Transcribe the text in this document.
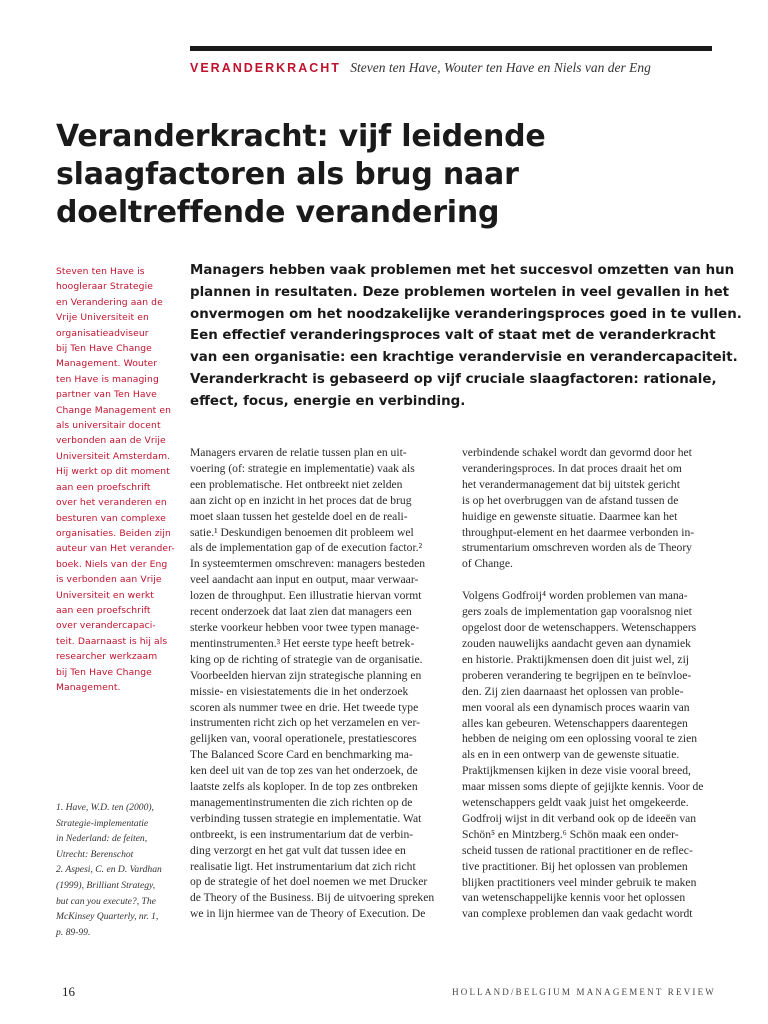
VERANDERKRACHT Steven ten Have, Wouter ten Have en Niels van der Eng
Veranderkracht: vijf leidende
slaagfactoren als brug naar
doeltreffende verandering
Steven ten Have is
hoogleraar Strategie
en Verandering aan de
Vrije Universiteit en
organisatieadviseur
bij Ten Have Change
Management. Wouter
ten Have is managing
partner van Ten Have
Change Management en
als universitair docent
verbonden aan de Vrije
Universiteit Amsterdam.
Hij werkt op dit moment
aan een proefschrift
over het veranderen en
besturen van complexe
organisaties. Beiden zijn
auteur van Het verander-
boek. Niels van der Eng
is verbonden aan Vrije
Universiteit en werkt
aan een proefschrift
over verandercapaci-
teit. Daarnaast is hij als
researcher werkzaam
bij Ten Have Change
Management.
Managers hebben vaak problemen met het succesvol omzetten van hun
plannen in resultaten. Deze problemen wortelen in veel gevallen in het
onvermogen om het noodzakelijke veranderingsproces goed in te vullen.
Een effectief veranderingsproces valt of staat met de veranderkracht
van een organisatie: een krachtige verandervisie en verandercapaciteit.
Veranderkracht is gebaseerd op vijf cruciale slaagfactoren: rationale,
effect, focus, energie en verbinding.
Managers ervaren de relatie tussen plan en uit-
voering (of: strategie en implementatie) vaak als
een problematische. Het ontbreekt niet zelden
aan zicht op en inzicht in het proces dat de brug
moet slaan tussen het gestelde doel en de reali-
satie.¹ Deskundigen benoemen dit probleem wel
als de implementation gap of de execution factor.²
In systeemtermen omschreven: managers besteden
veel aandacht aan input en output, maar verwaar-
lozen de throughput. Een illustratie hiervan vormt
recent onderzoek dat laat zien dat managers een
sterke voorkeur hebben voor twee typen manage-
mentinstrumenten.³ Het eerste type heeft betrek-
king op de richting of strategie van de organisatie.
Voorbeelden hiervan zijn strategische planning en
missie- en visiestatements die in het onderzoek
scoren als nummer twee en drie. Het tweede type
instrumenten richt zich op het verzamelen en ver-
gelijken van, vooral operationele, prestatiescores
The Balanced Score Card en benchmarking ma-
ken deel uit van de top zes van het onderzoek, de
laatste zelfs als koploper. In de top zes ontbreken
managementinstrumenten die zich richten op de
verbinding tussen strategie en implementatie. Wat
ontbreekt, is een instrumentarium dat de verbin-
ding verzorgt en het gat vult dat tussen idee en
realisatie ligt. Het instrumentarium dat zich richt
op de strategie of het doel noemen we met Drucker
de Theory of the Business. Bij de uitvoering spreken
we in lijn hiermee van de Theory of Execution. De
verbindende schakel wordt dan gevormd door het
veranderingsproces. In dat proces draait het om
het verandermanagement dat bij uitstek gericht
is op het overbruggen van de afstand tussen de
huidige en gewenste situatie. Daarmee kan het
throughput-element en het daarmee verbonden in-
strumentarium omschreven worden als de Theory
of Change.
Volgens Godfroij⁴ worden problemen van mana-
gers zoals de implementation gap vooralsnog niet
opgelost door de wetenschappers. Wetenschappers
zouden nauwelijks aandacht geven aan dynamiek
en historie. Praktijkmensen doen dit juist wel, zij
proberen verandering te begrijpen en te beïnvloe-
den. Zij zien daarnaast het oplossen van proble-
men vooral als een dynamisch proces waarin van
alles kan gebeuren. Wetenschappers daarentegen
hebben de neiging om een oplossing vooral te zien
als en in een ontwerp van de gewenste situatie.
Praktijkmensen kijken in deze visie vooral breed,
maar missen soms diepte of gejijkte kennis. Voor de
wetenschappers geldt vaak juist het omgekeerde.
Godfroij wijst in dit verband ook op de ideeën van
Schön⁵ en Mintzberg.⁶ Schön maak een onder-
scheid tussen de rational practitioner en de reflec-
tive practitioner. Bij het oplossen van problemen
blijken practitioners veel minder gebruik te maken
van wetenschappelijke kennis voor het oplossen
van complexe problemen dan vaak gedacht wordt
1. Have, W.D. ten (2000),
Strategie-implementatie
in Nederland: de feiten,
Utrecht: Berenschot
2. Aspesi, C. en D. Vardhan
(1999), Brilliant Strategy,
but can you execute?, The
McKinsey Quarterly, nr. 1,
p. 89-99.
16	HOLLAND/BELGIUM MANAGEMENT REVIEW
